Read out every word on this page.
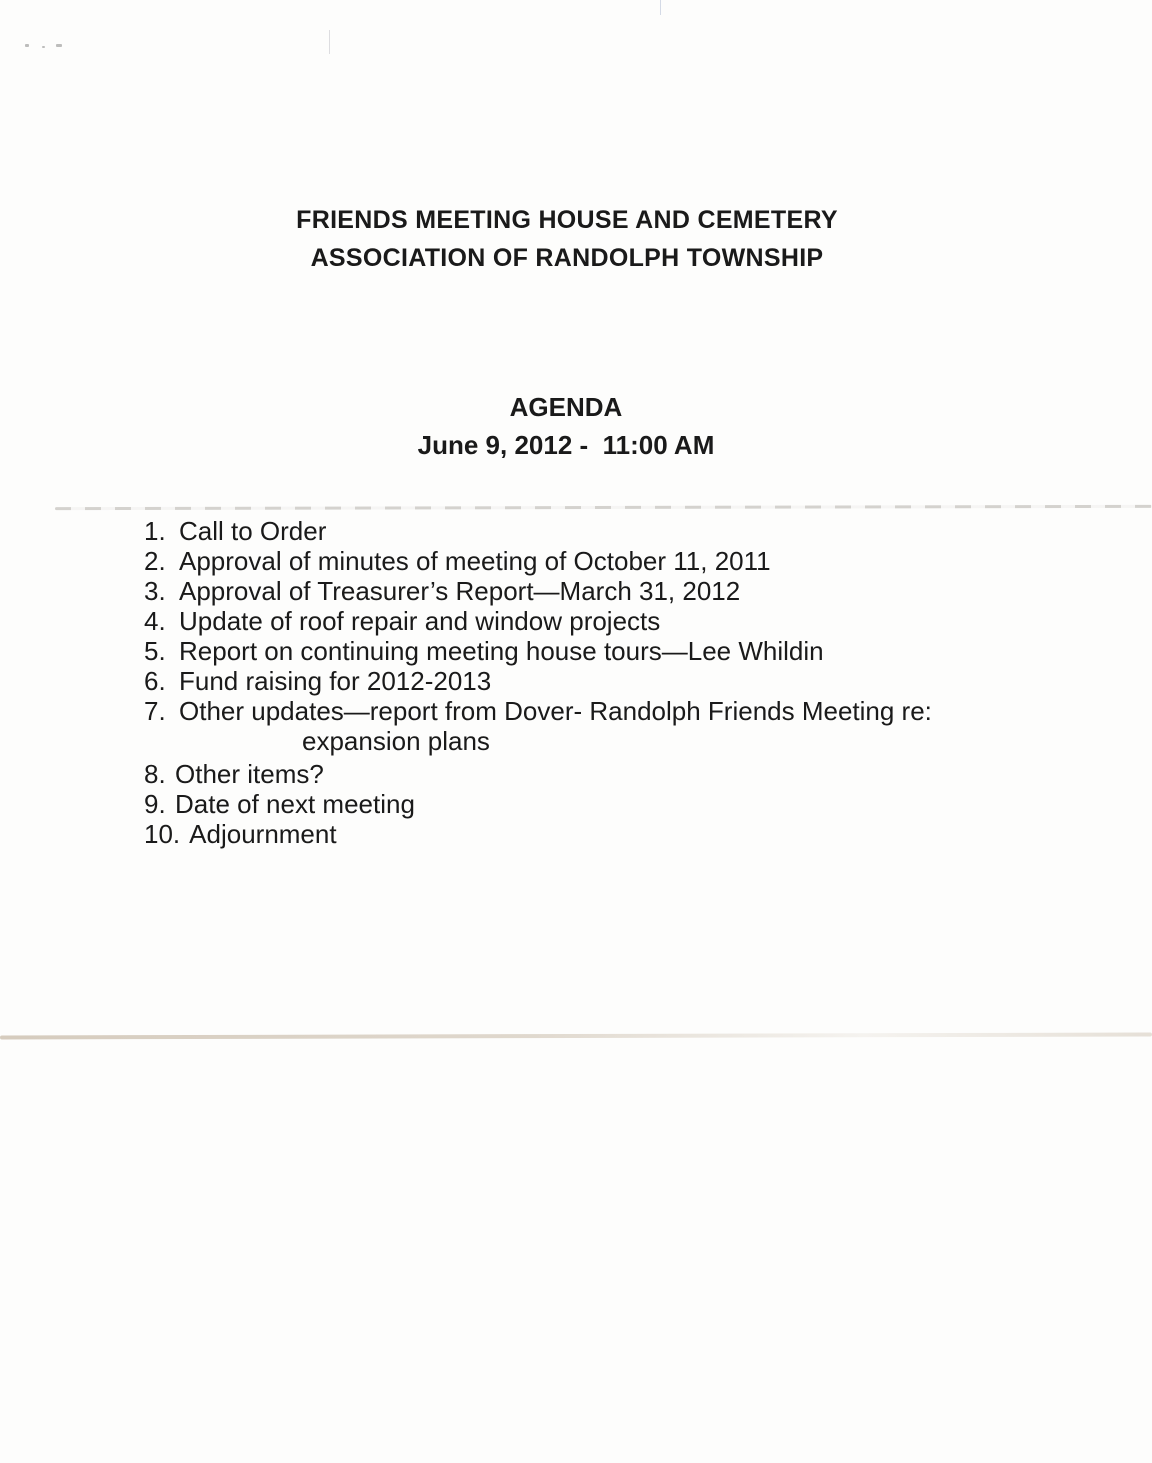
FRIENDS MEETING HOUSE AND CEMETERY
ASSOCIATION OF RANDOLPH TOWNSHIP
AGENDA
June 9, 2012 -  11:00 AM
1. Call to Order
2. Approval of minutes of meeting of October 11, 2011
3. Approval of Treasurer’s Report—March 31, 2012
4. Update of roof repair and window projects
5. Report on continuing meeting house tours—Lee Whildin
6. Fund raising for 2012-2013
7. Other updates—report from Dover- Randolph Friends Meeting re:
expansion plans
8. Other items?
9. Date of next meeting
10. Adjournment
